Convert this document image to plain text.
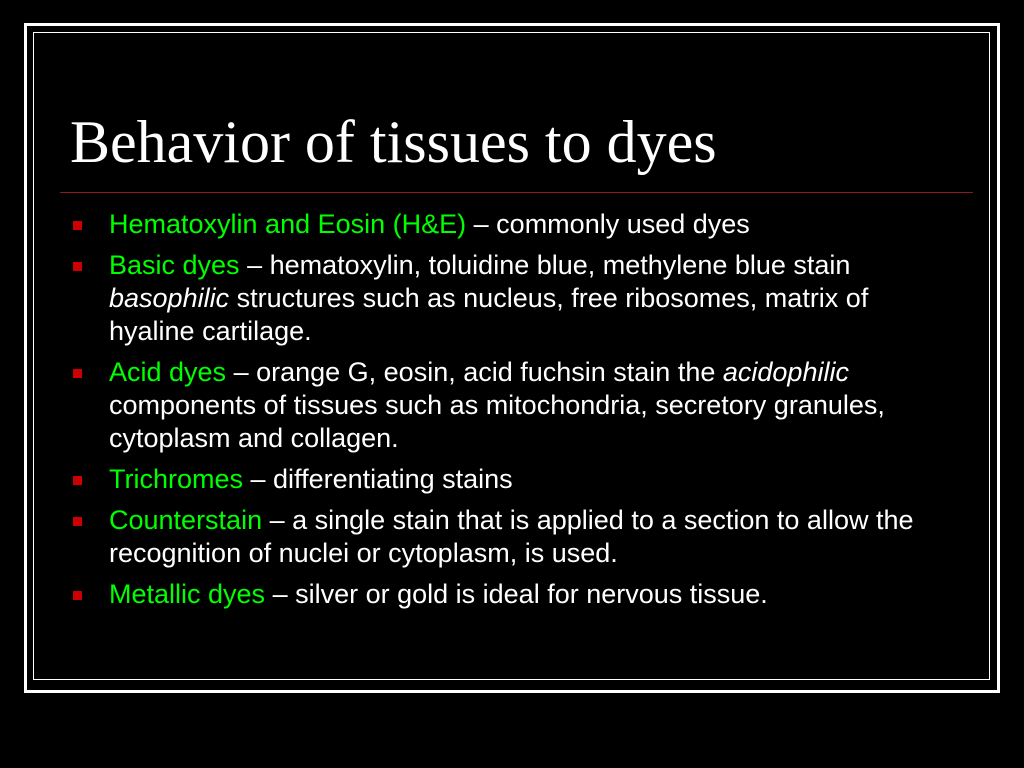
Behavior of tissues to dyes
Hematoxylin and Eosin (H&E) – commonly used dyes
Basic dyes – hematoxylin, toluidine blue, methylene blue stain basophilic structures such as nucleus, free ribosomes, matrix of hyaline cartilage.
Acid dyes – orange G, eosin, acid fuchsin stain the acidophilic components of tissues such as mitochondria, secretory granules, cytoplasm and collagen.
Trichromes – differentiating stains
Counterstain – a single stain that is applied to a section to allow the recognition of nuclei or cytoplasm, is used.
Metallic dyes – silver or gold is ideal for nervous tissue.
